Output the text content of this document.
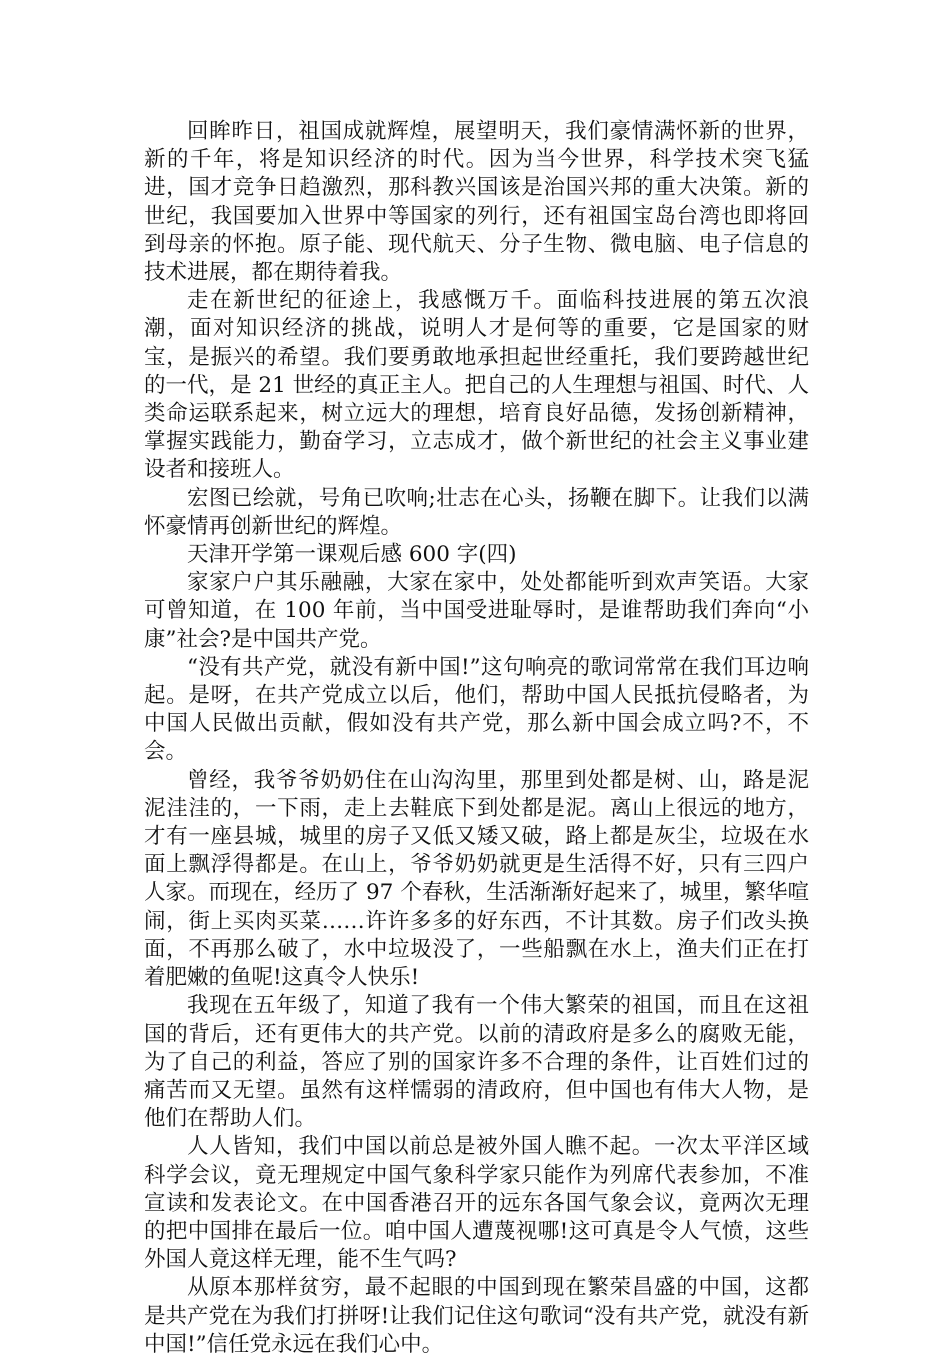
回眸昨日，祖国成就辉煌，展望明天，我们豪情满怀新的世界，新的千年，将是知识经济的时代。因为当今世界，科学技术突飞猛进，国才竞争日趋激烈，那科教兴国该是治国兴邦的重大决策。新的世纪，我国要加入世界中等国家的列行，还有祖国宝岛台湾也即将回到母亲的怀抱。原子能、现代航天、分子生物、微电脑、电子信息的技术进展，都在期待着我。

走在新世纪的征途上，我感慨万千。面临科技进展的第五次浪潮，面对知识经济的挑战，说明人才是何等的重要，它是国家的财宝，是振兴的希望。我们要勇敢地承担起世经重托，我们要跨越世纪的一代，是 21 世经的真正主人。把自己的人生理想与祖国、时代、人类命运联系起来，树立远大的理想，培育良好品德，发扬创新精神，掌握实践能力，勤奋学习，立志成才，做个新世纪的社会主义事业建设者和接班人。

宏图已绘就，号角已吹响;壮志在心头，扬鞭在脚下。让我们以满怀豪情再创新世纪的辉煌。

天津开学第一课观后感 600 字(四)

家家户户其乐融融，大家在家中，处处都能听到欢声笑语。大家可曾知道，在 100 年前，当中国受进耻辱时，是谁帮助我们奔向“小康”社会?是中国共产党。

“没有共产党，就没有新中国!”这句响亮的歌词常常在我们耳边响起。是呀，在共产党成立以后，他们，帮助中国人民抵抗侵略者，为中国人民做出贡献，假如没有共产党，那么新中国会成立吗?不，不会。

曾经，我爷爷奶奶住在山沟沟里，那里到处都是树、山，路是泥泥洼洼的，一下雨，走上去鞋底下到处都是泥。离山上很远的地方，才有一座县城，城里的房子又低又矮又破，路上都是灰尘，垃圾在水面上飘浮得都是。在山上，爷爷奶奶就更是生活得不好，只有三四户人家。而现在，经历了 97 个春秋，生活渐渐好起来了，城里，繁华喧闹，街上买肉买菜……许许多多的好东西，不计其数。房子们改头换面，不再那么破了，水中垃圾没了，一些船飘在水上，渔夫们正在打着肥嫩的鱼呢!这真令人快乐!

我现在五年级了，知道了我有一个伟大繁荣的祖国，而且在这祖国的背后，还有更伟大的共产党。以前的清政府是多么的腐败无能，为了自己的利益，答应了别的国家许多不合理的条件，让百姓们过的痛苦而又无望。虽然有这样懦弱的清政府，但中国也有伟大人物，是他们在帮助人们。

人人皆知，我们中国以前总是被外国人瞧不起。一次太平洋区域科学会议，竟无理规定中国气象科学家只能作为列席代表参加，不准宣读和发表论文。在中国香港召开的远东各国气象会议，竟两次无理的把中国排在最后一位。咱中国人遭蔑视哪!这可真是令人气愤，这些外国人竟这样无理，能不生气吗?

从原本那样贫穷，最不起眼的中国到现在繁荣昌盛的中国，这都是共产党在为我们打拼呀!让我们记住这句歌词“没有共产党，就没有新中国!”信任党永远在我们心中。
